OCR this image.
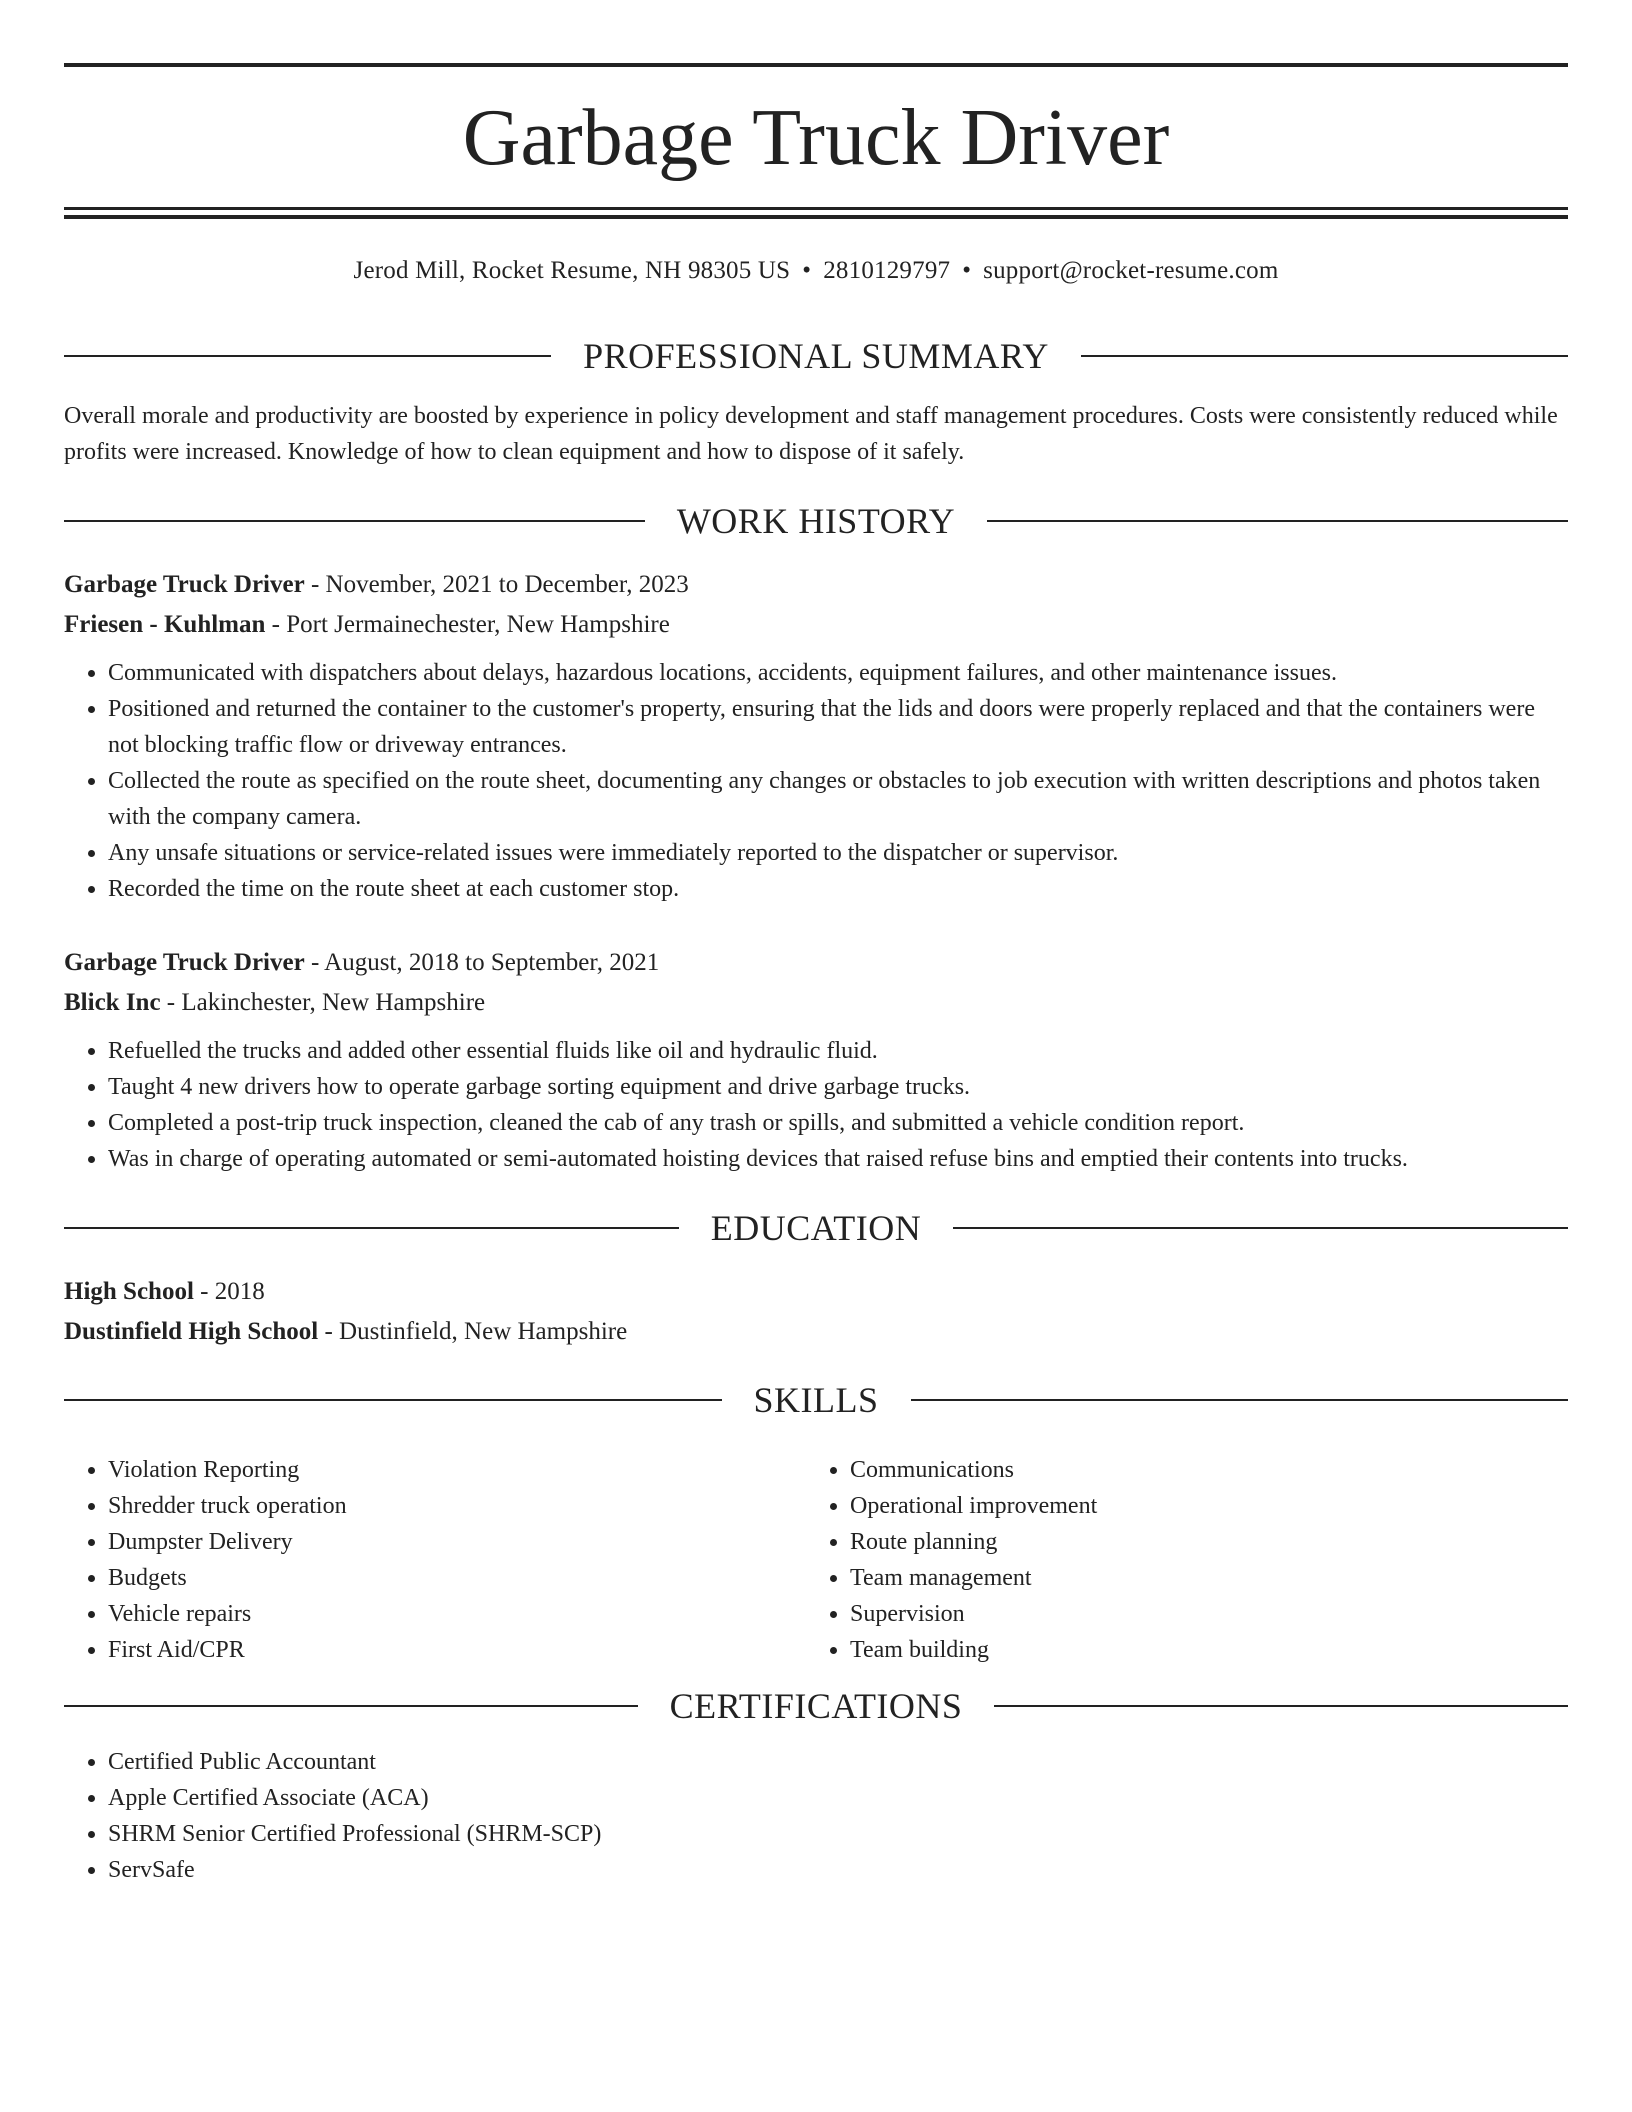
Garbage Truck Driver
Jerod Mill, Rocket Resume, NH 98305 US • 2810129797 • support@rocket-resume.com
PROFESSIONAL SUMMARY

Overall morale and productivity are boosted by experience in policy development and staff management procedures. Costs were consistently reduced while profits were increased. Knowledge of how to clean equipment and how to dispose of it safely.

WORK HISTORY
Garbage Truck Driver - November, 2021 to December, 2023
Friesen - Kuhlman - Port Jermainechester, New Hampshire
• Communicated with dispatchers about delays, hazardous locations, accidents, equipment failures, and other maintenance issues.
• Positioned and returned the container to the customer's property, ensuring that the lids and doors were properly replaced and that the containers were not blocking traffic flow or driveway entrances.
• Collected the route as specified on the route sheet, documenting any changes or obstacles to job execution with written descriptions and photos taken with the company camera.
• Any unsafe situations or service-related issues were immediately reported to the dispatcher or supervisor.
• Recorded the time on the route sheet at each customer stop.
Garbage Truck Driver - August, 2018 to September, 2021
Blick Inc - Lakinchester, New Hampshire
• Refuelled the trucks and added other essential fluids like oil and hydraulic fluid.
• Taught 4 new drivers how to operate garbage sorting equipment and drive garbage trucks.
• Completed a post-trip truck inspection, cleaned the cab of any trash or spills, and submitted a vehicle condition report.
• Was in charge of operating automated or semi-automated hoisting devices that raised refuse bins and emptied their contents into trucks.
EDUCATION
High School - 2018
Dustinfield High School - Dustinfield, New Hampshire
SKILLS
• Violation Reporting
• Shredder truck operation
• Dumpster Delivery
• Budgets
• Vehicle repairs
• First Aid/CPR
• Communications
• Operational improvement
• Route planning
• Team management
• Supervision
• Team building
CERTIFICATIONS
• Certified Public Accountant
• Apple Certified Associate (ACA)
• SHRM Senior Certified Professional (SHRM-SCP)
• ServSafe
